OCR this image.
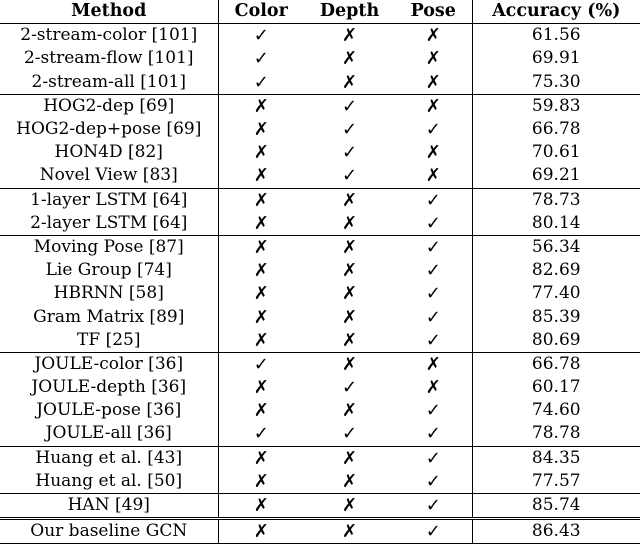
Method	Color	Depth	Pose	Accuracy (%)
2-stream-color [101]	✓	✗	✗	61.56
2-stream-flow [101]	✓	✗	✗	69.91
2-stream-all [101]	✓	✗	✗	75.30
HOG2-dep [69]	✗	✓	✗	59.83
HOG2-dep+pose [69]	✗	✓	✓	66.78
HON4D [82]	✗	✓	✗	70.61
Novel View [83]	✗	✓	✗	69.21
1-layer LSTM [64]	✗	✗	✓	78.73
2-layer LSTM [64]	✗	✗	✓	80.14
Moving Pose [87]	✗	✗	✓	56.34
Lie Group [74]	✗	✗	✓	82.69
HBRNN [58]	✗	✗	✓	77.40
Gram Matrix [89]	✗	✗	✓	85.39
TF [25]	✗	✗	✓	80.69
JOULE-color [36]	✓	✗	✗	66.78
JOULE-depth [36]	✗	✓	✗	60.17
JOULE-pose [36]	✗	✗	✓	74.60
JOULE-all [36]	✓	✓	✓	78.78
Huang et al. [43]	✗	✗	✓	84.35
Huang et al. [50]	✗	✗	✓	77.57
HAN [49]	✗	✗	✓	85.74
Our baseline GCN	✗	✗	✓	86.43
